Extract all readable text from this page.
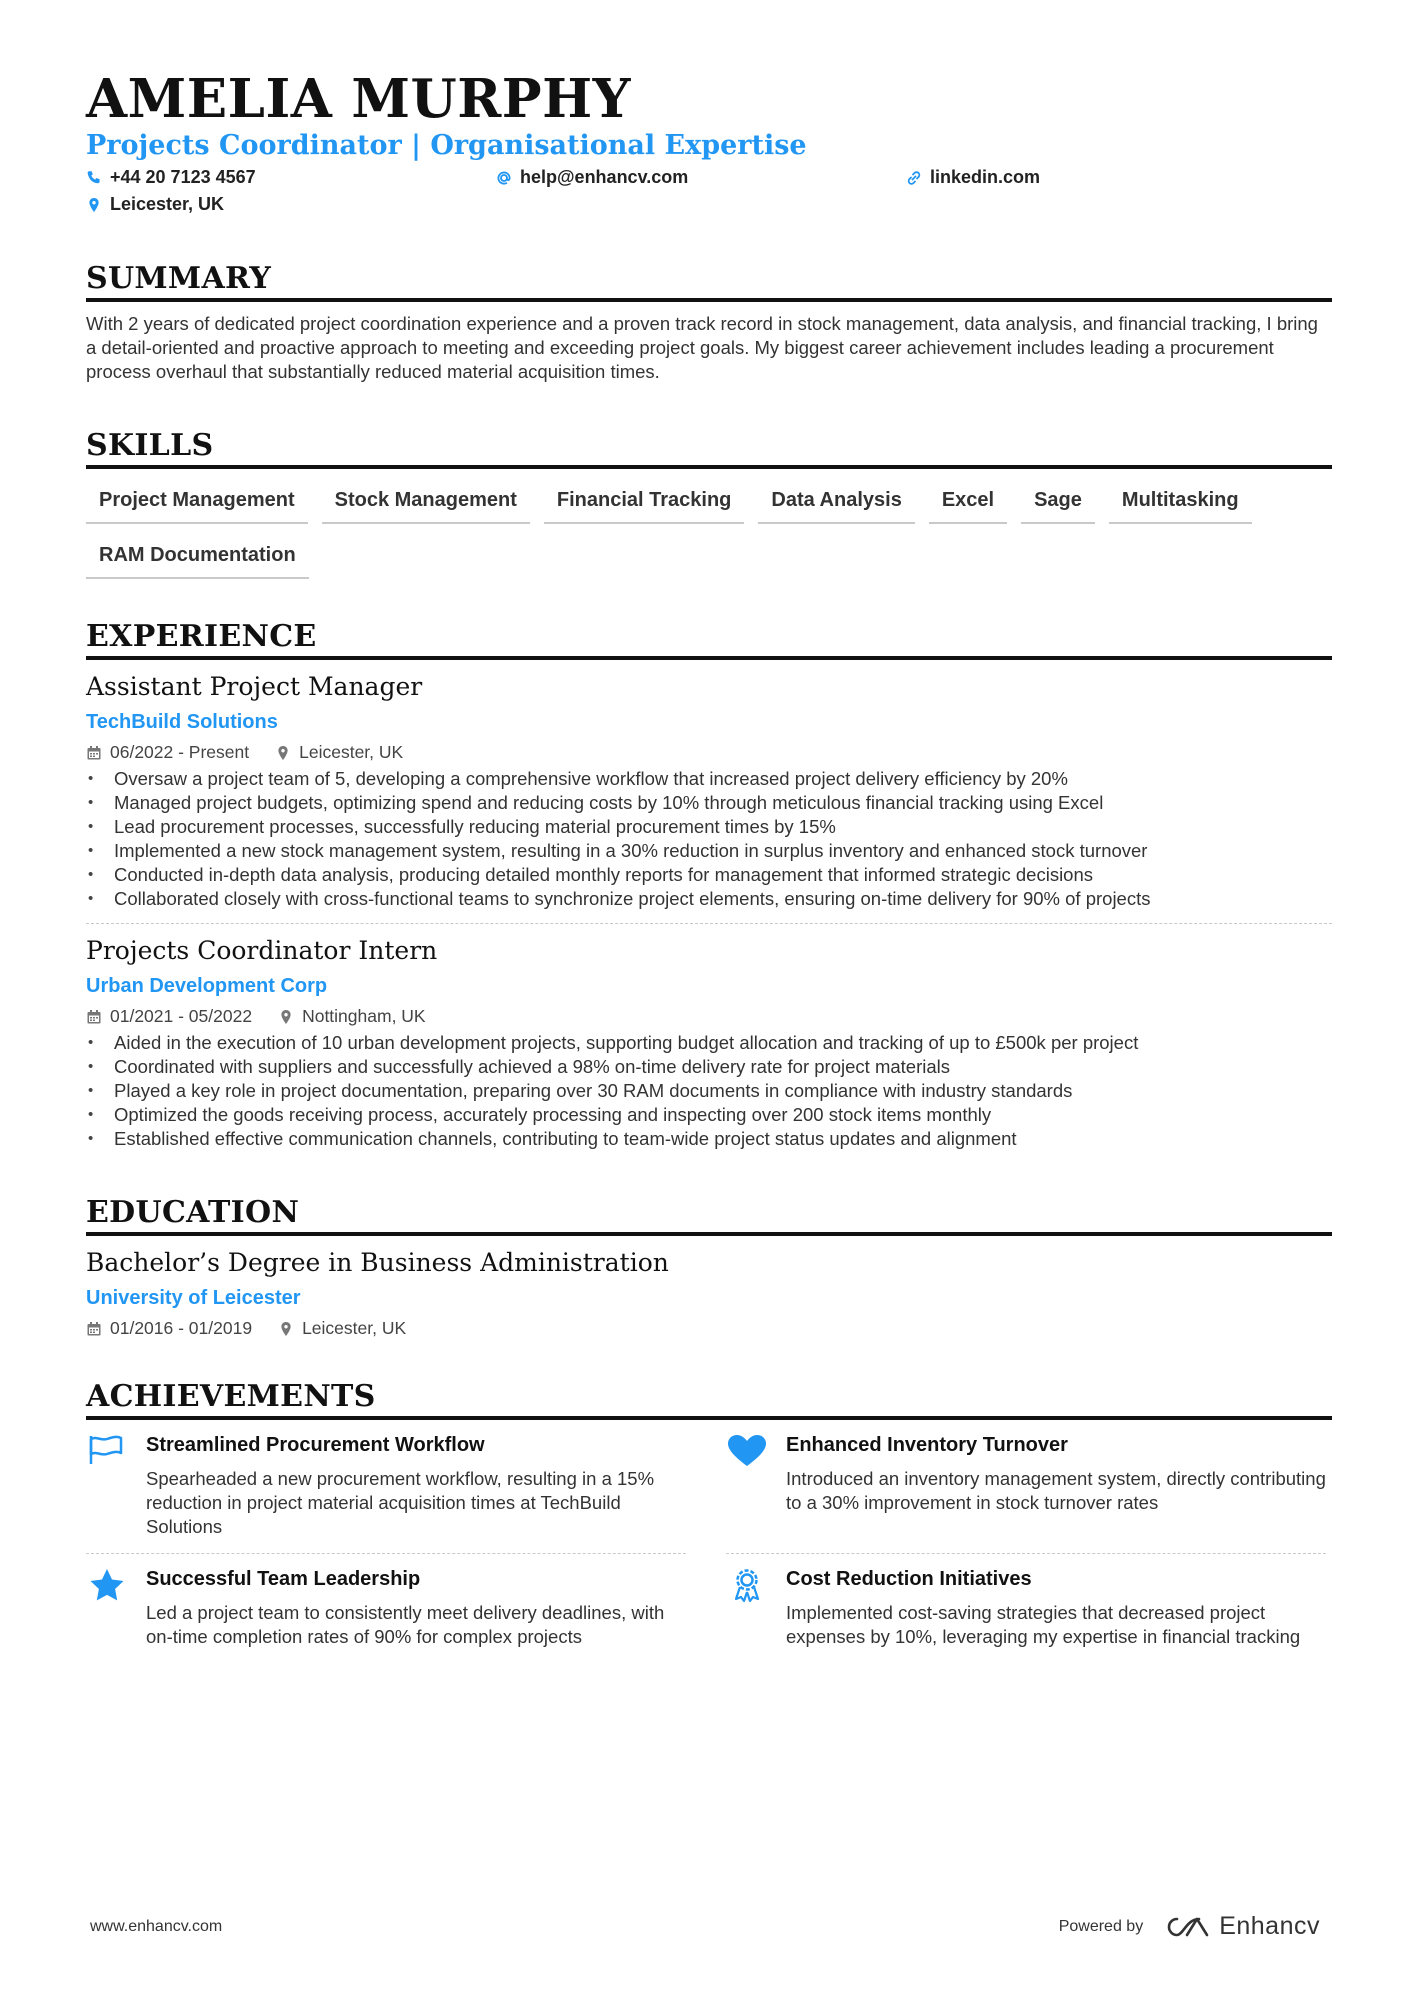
AMELIA MURPHY
Projects Coordinator | Organisational Expertise
+44 20 7123 4567	help@enhancv.com	linkedin.com
Leicester, UK
SUMMARY
With 2 years of dedicated project coordination experience and a proven track record in stock management, data analysis, and financial tracking, I bring a detail-oriented and proactive approach to meeting and exceeding project goals. My biggest career achievement includes leading a procurement process overhaul that substantially reduced material acquisition times.
SKILLS
Project Management	Stock Management	Financial Tracking	Data Analysis	Excel	Sage	Multitasking
RAM Documentation
EXPERIENCE
Assistant Project Manager
TechBuild Solutions
06/2022 - Present	Leicester, UK
• Oversaw a project team of 5, developing a comprehensive workflow that increased project delivery efficiency by 20%
• Managed project budgets, optimizing spend and reducing costs by 10% through meticulous financial tracking using Excel
• Lead procurement processes, successfully reducing material procurement times by 15%
• Implemented a new stock management system, resulting in a 30% reduction in surplus inventory and enhanced stock turnover
• Conducted in-depth data analysis, producing detailed monthly reports for management that informed strategic decisions
• Collaborated closely with cross-functional teams to synchronize project elements, ensuring on-time delivery for 90% of projects
Projects Coordinator Intern
Urban Development Corp
01/2021 - 05/2022	Nottingham, UK
• Aided in the execution of 10 urban development projects, supporting budget allocation and tracking of up to £500k per project
• Coordinated with suppliers and successfully achieved a 98% on-time delivery rate for project materials
• Played a key role in project documentation, preparing over 30 RAM documents in compliance with industry standards
• Optimized the goods receiving process, accurately processing and inspecting over 200 stock items monthly
• Established effective communication channels, contributing to team-wide project status updates and alignment
EDUCATION
Bachelor’s Degree in Business Administration
University of Leicester
01/2016 - 01/2019	Leicester, UK
ACHIEVEMENTS
Streamlined Procurement Workflow
Spearheaded a new procurement workflow, resulting in a 15% reduction in project material acquisition times at TechBuild Solutions
Enhanced Inventory Turnover
Introduced an inventory management system, directly contributing to a 30% improvement in stock turnover rates
Successful Team Leadership
Led a project team to consistently meet delivery deadlines, with on-time completion rates of 90% for complex projects
Cost Reduction Initiatives
Implemented cost-saving strategies that decreased project expenses by 10%, leveraging my expertise in financial tracking
www.enhancv.com	Powered by	Enhancv
